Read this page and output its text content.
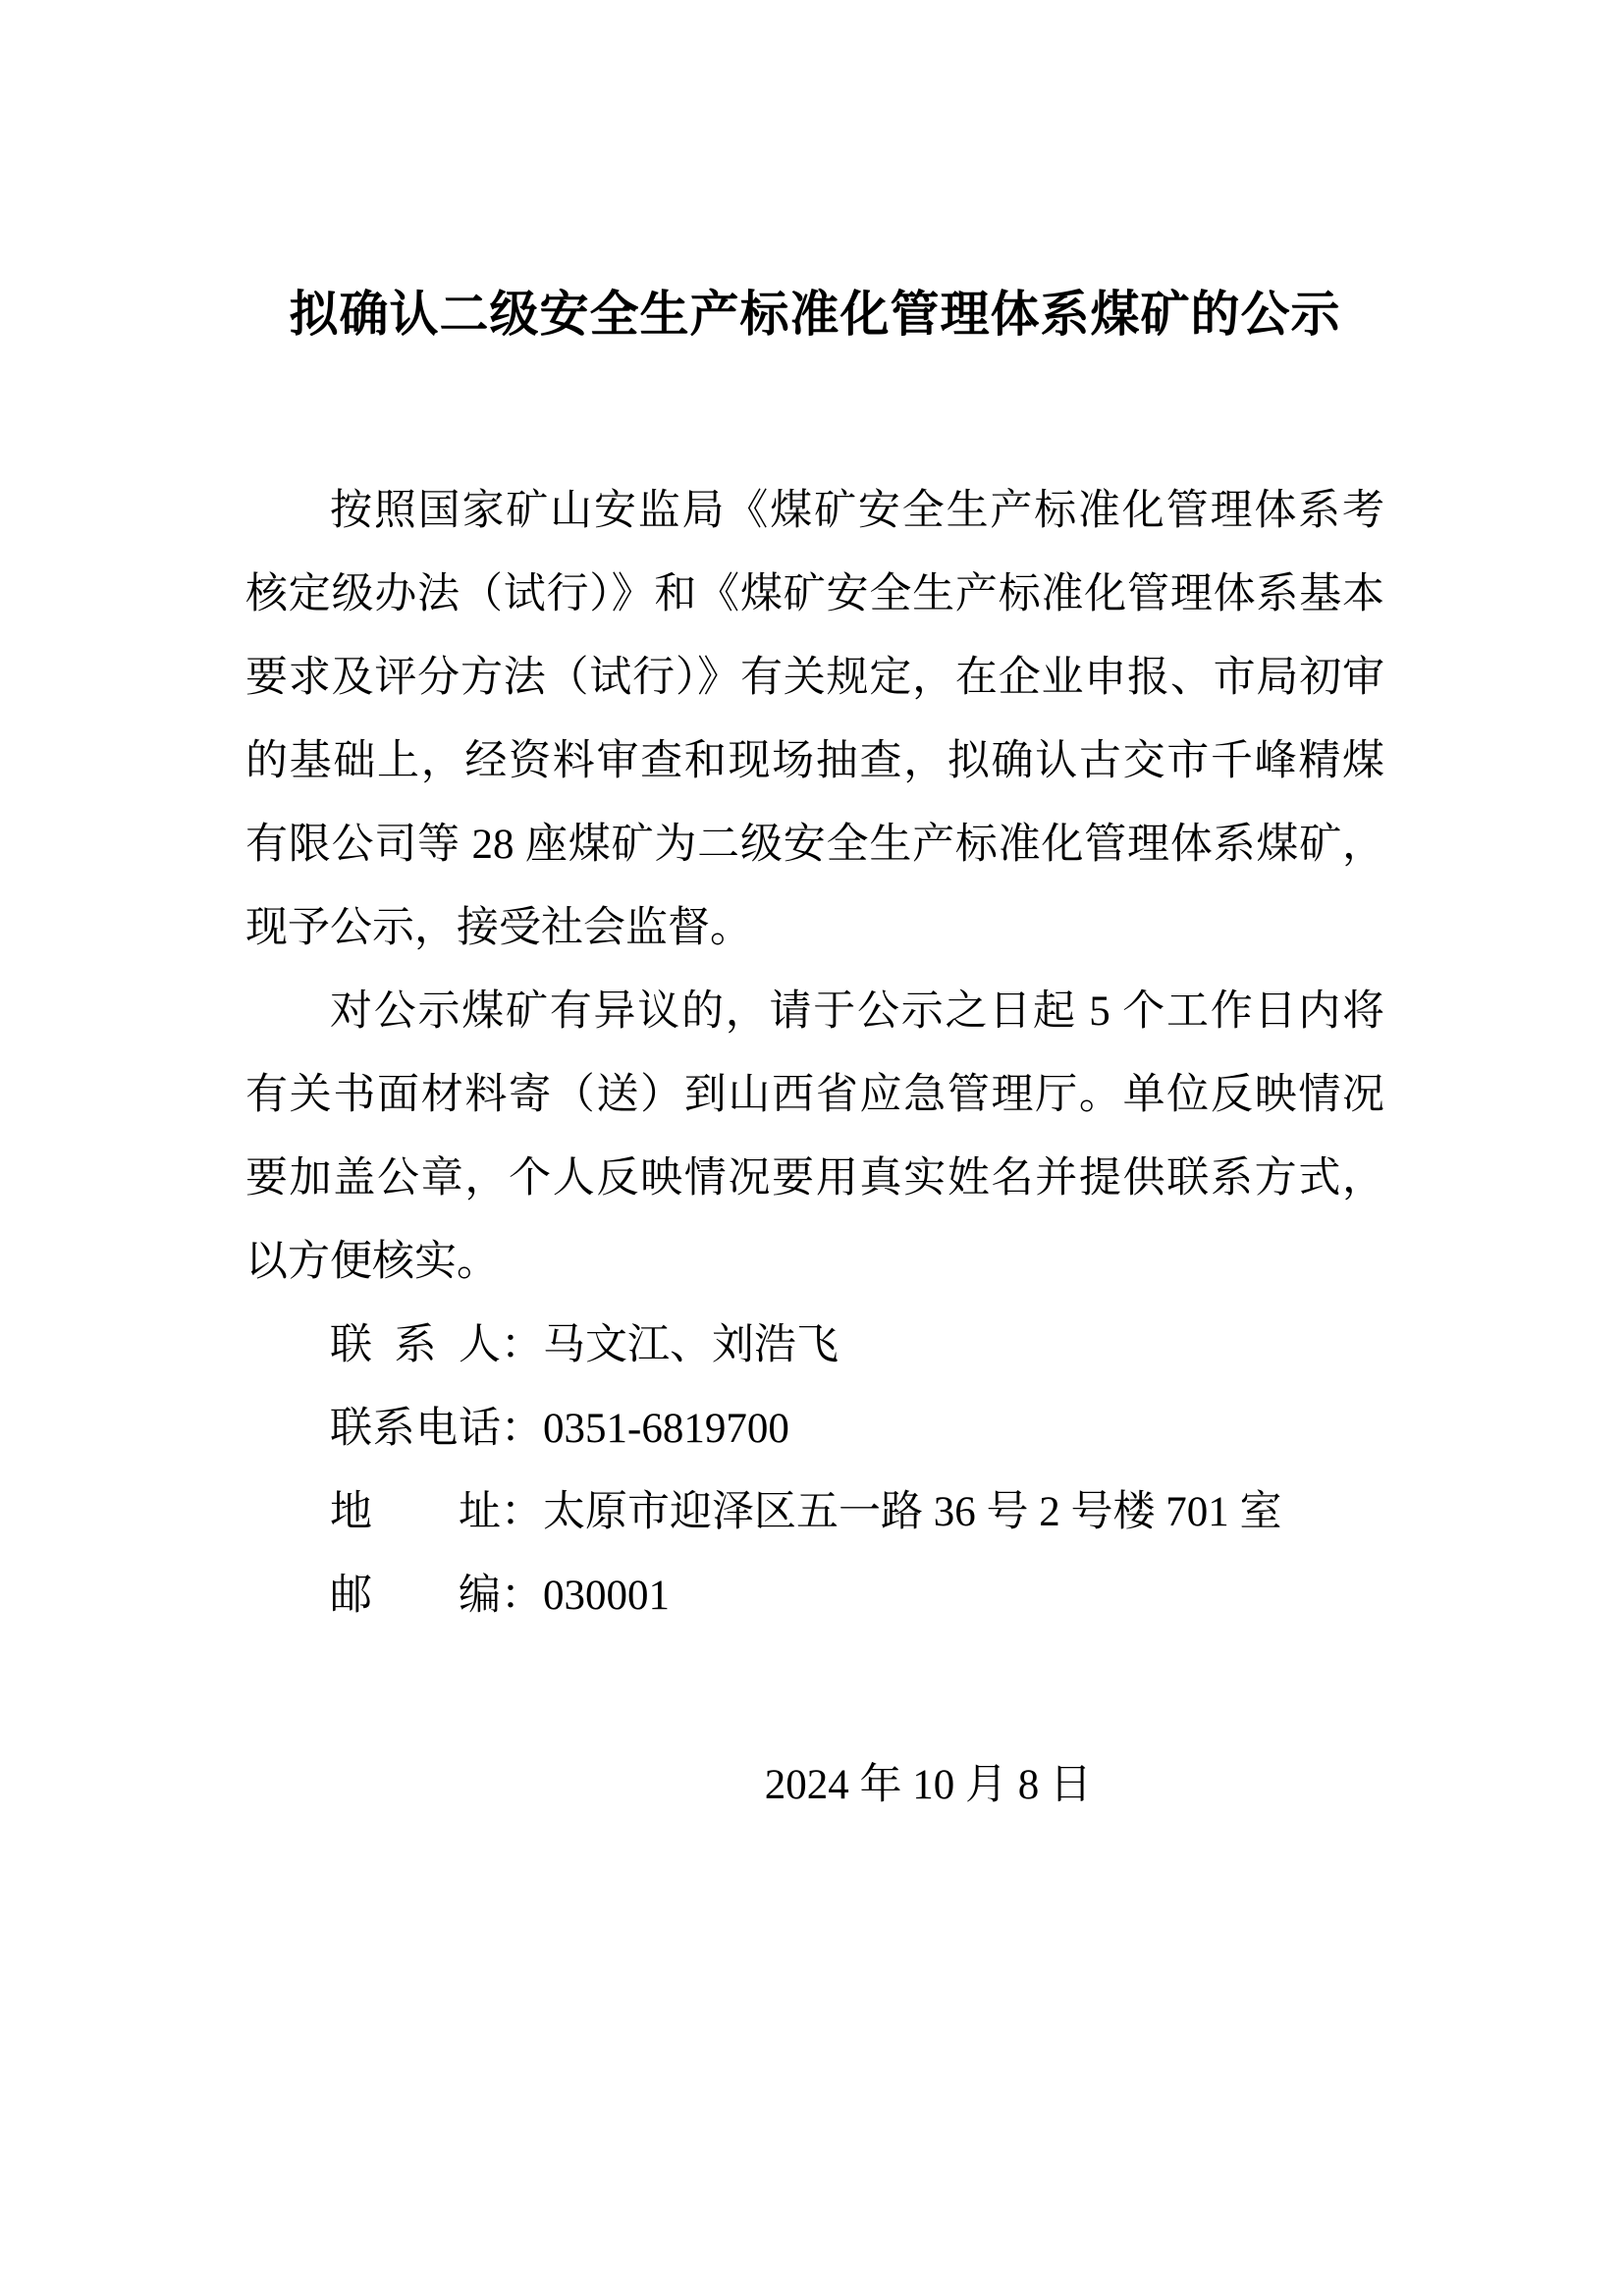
拟确认二级安全生产标准化管理体系煤矿的公示

按照国家矿山安监局《煤矿安全生产标准化管理体系考核定级办法（试行）》和《煤矿安全生产标准化管理体系基本要求及评分方法（试行）》有关规定，在企业申报、市局初审的基础上，经资料审查和现场抽查，拟确认古交市千峰精煤有限公司等 28 座煤矿为二级安全生产标准化管理体系煤矿，现予公示，接受社会监督。

对公示煤矿有异议的，请于公示之日起 5 个工作日内将有关书面材料寄（送）到山西省应急管理厅。单位反映情况要加盖公章，个人反映情况要用真实姓名并提供联系方式，以方便核实。

联系人：马文江、刘浩飞
联系电话：0351-6819700
地址：太原市迎泽区五一路 36 号 2 号楼 701 室
邮编：030001
2024 年 10 月 8 日
